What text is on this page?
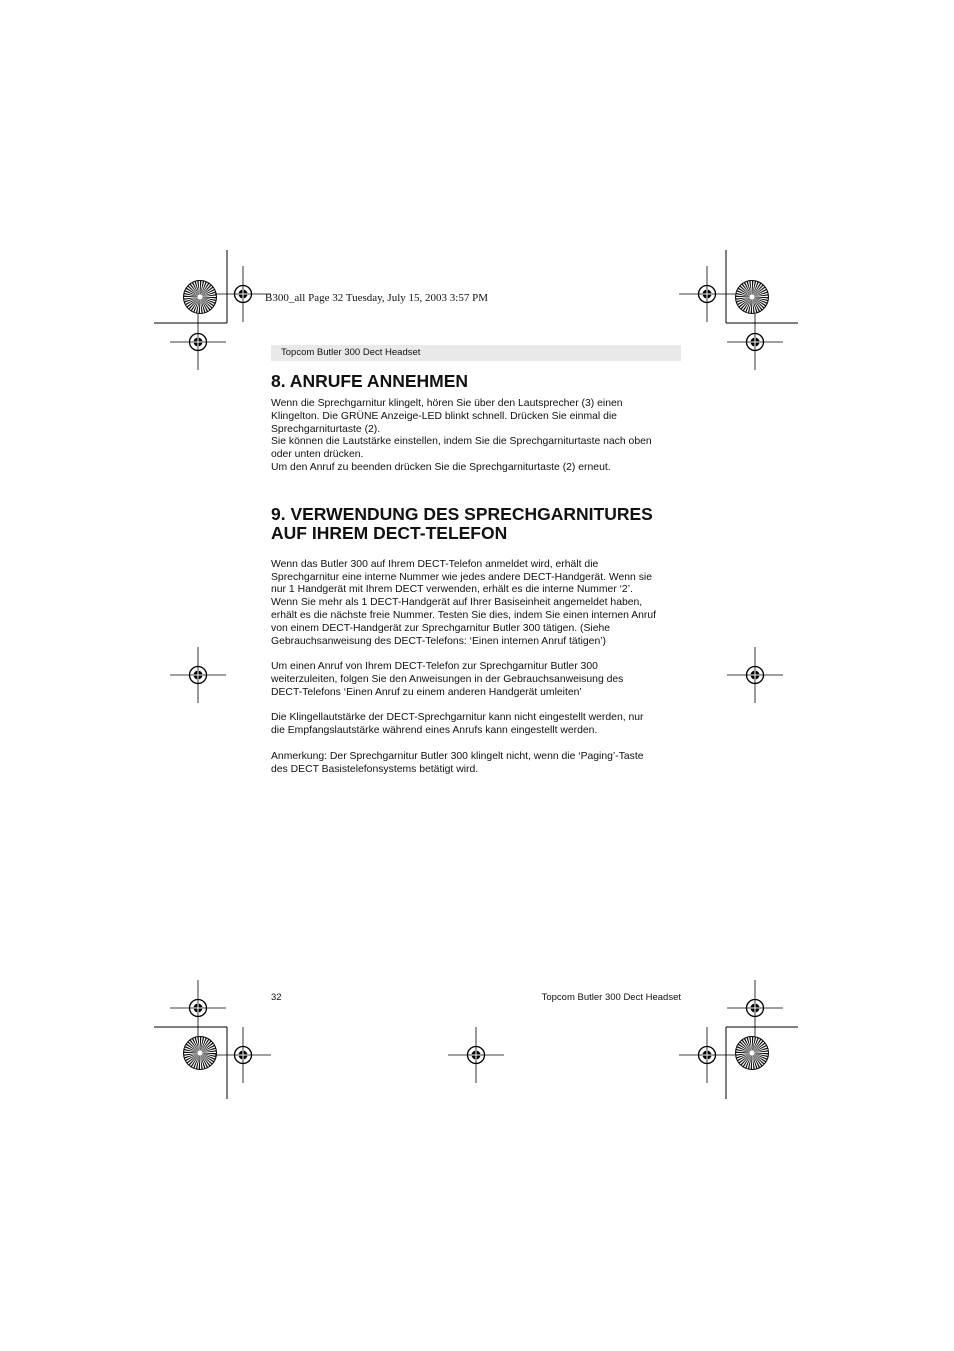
B300_all Page 32 Tuesday, July 15, 2003 3:57 PM
Topcom Butler 300 Dect Headset
8. ANRUFE ANNEHMEN
Wenn die Sprechgarnitur klingelt, hören Sie über den Lautsprecher (3) einen
Klingelton. Die GRÜNE Anzeige-LED blinkt schnell. Drücken Sie einmal die
Sprechgarniturtaste (2).
Sie können die Lautstärke einstellen, indem Sie die Sprechgarniturtaste nach oben
oder unten drücken.
Um den Anruf zu beenden drücken Sie die Sprechgarniturtaste (2) erneut.
9. VERWENDUNG DES SPRECHGARNITURES
AUF IHREM DECT-TELEFON
Wenn das Butler 300 auf Ihrem DECT-Telefon anmeldet wird, erhält die
Sprechgarnitur eine interne Nummer wie jedes andere DECT-Handgerät. Wenn sie
nur 1 Handgerät mit Ihrem DECT verwenden, erhält es die interne Nummer ‘2’.
Wenn Sie mehr als 1 DECT-Handgerät auf Ihrer Basiseinheit angemeldet haben,
erhält es die nächste freie Nummer. Testen Sie dies, indem Sie einen internen Anruf
von einem DECT-Handgerät zur Sprechgarnitur Butler 300 tätigen. (Siehe
Gebrauchsanweisung des DECT-Telefons: ‘Einen internen Anruf tätigen’)
Um einen Anruf von Ihrem DECT-Telefon zur Sprechgarnitur Butler 300
weiterzuleiten, folgen Sie den Anweisungen in der Gebrauchsanweisung des
DECT-Telefons ‘Einen Anruf zu einem anderen Handgerät umleiten’
Die Klingellautstärke der DECT-Sprechgarnitur kann nicht eingestellt werden, nur
die Empfangslautstärke während eines Anrufs kann eingestellt werden.
Anmerkung: Der Sprechgarnitur Butler 300 klingelt nicht, wenn die ‘Paging’-Taste
des DECT Basistelefonsystems betätigt wird.
32	Topcom Butler 300 Dect Headset
